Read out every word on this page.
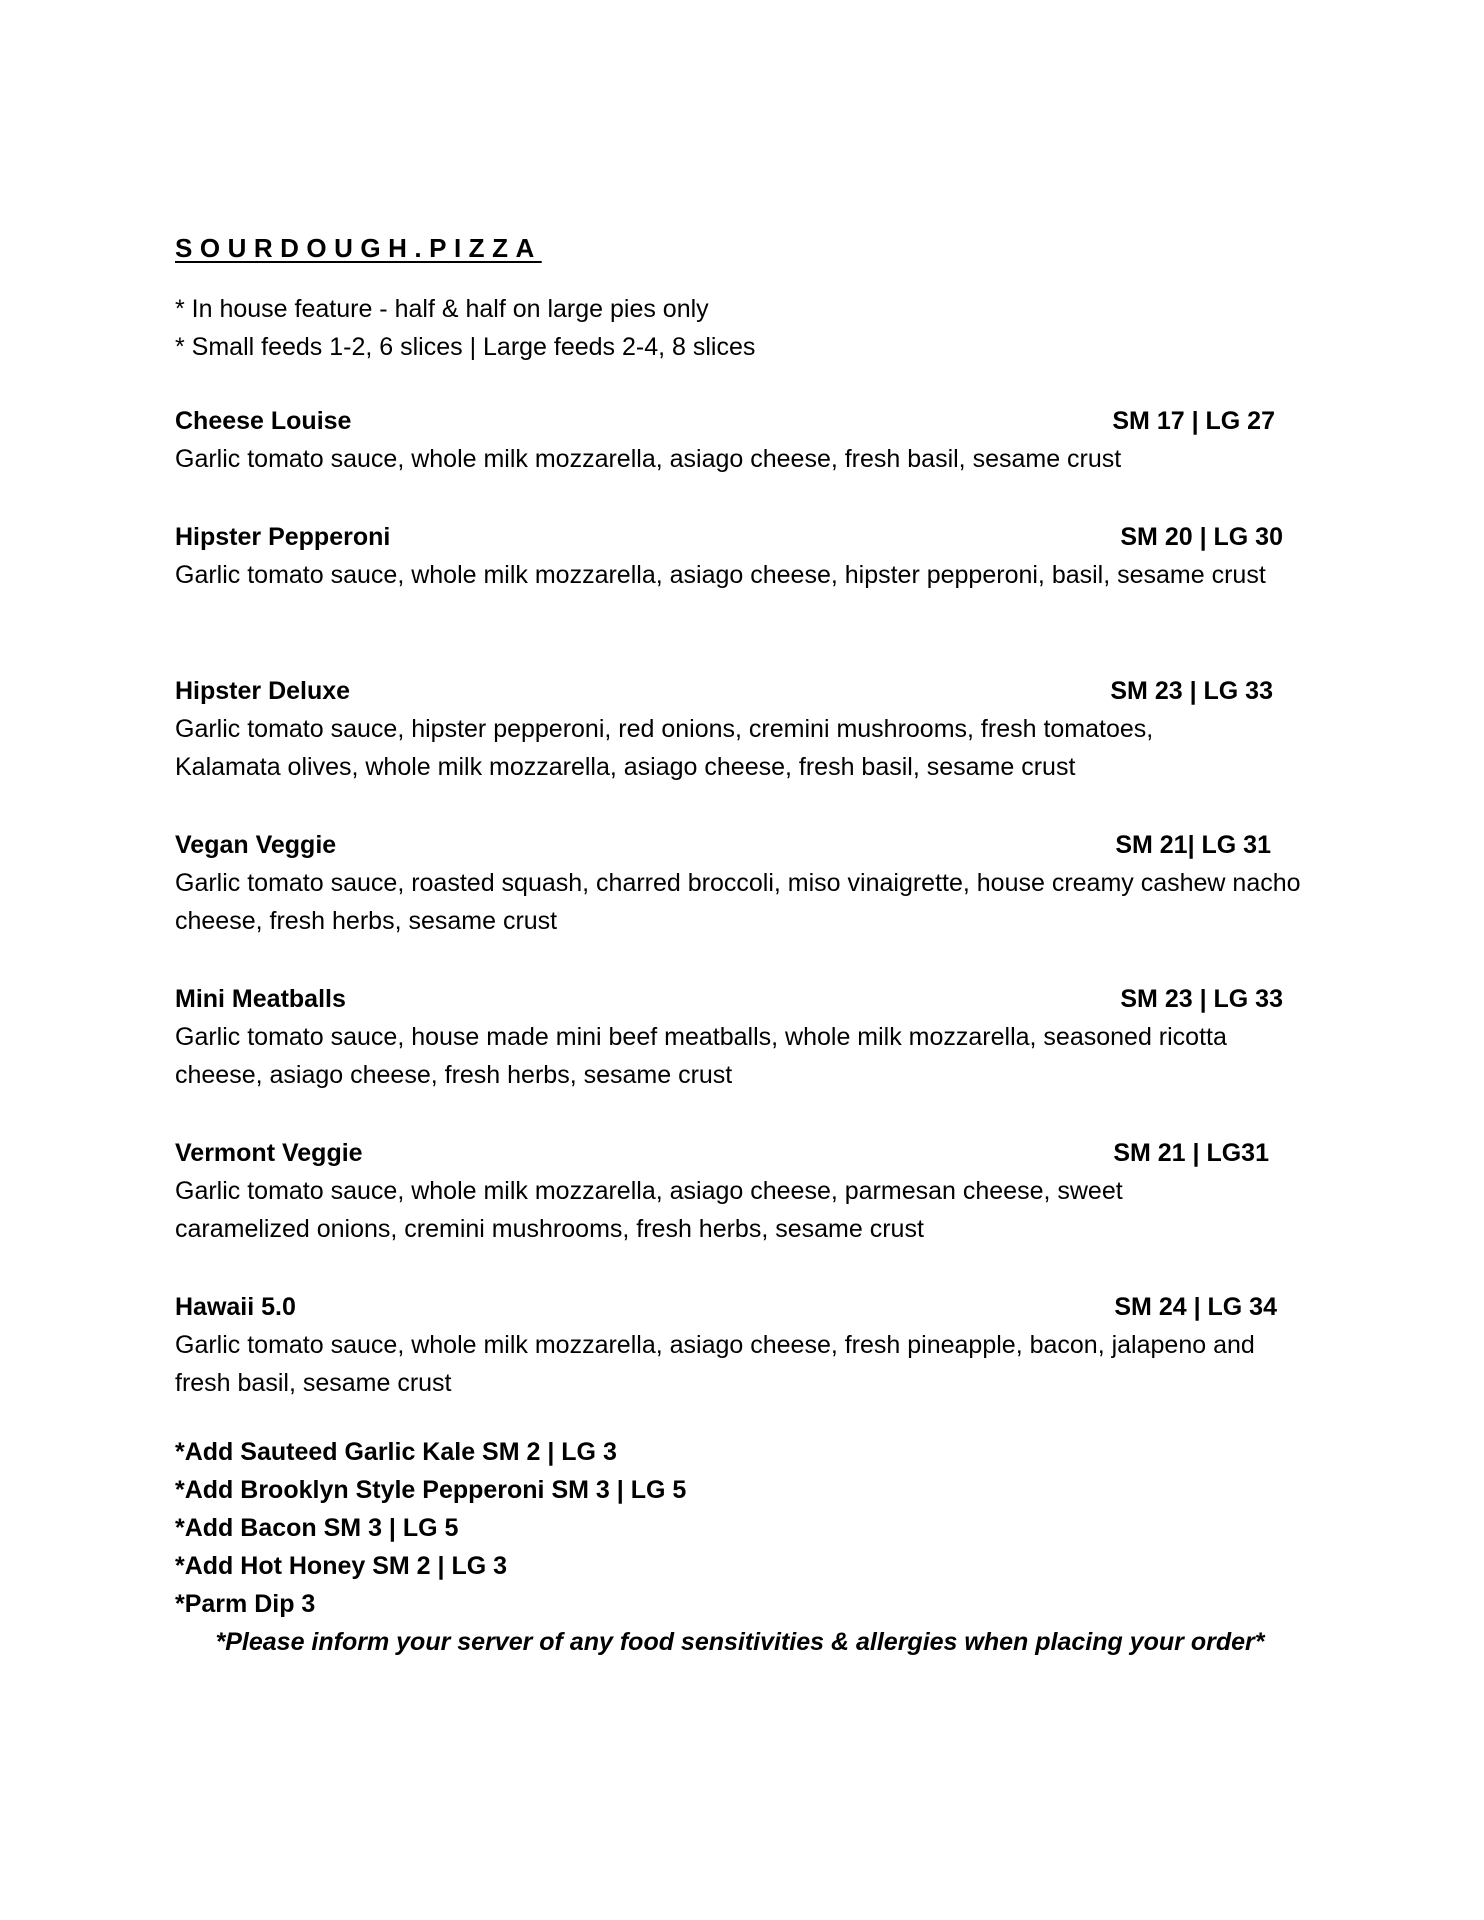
SOURDOUGH.PIZZA
* In house feature - half & half on large pies only
* Small feeds 1-2, 6 slices | Large feeds 2-4, 8 slices
Cheese Louise	SM 17 | LG 27
Garlic tomato sauce, whole milk mozzarella, asiago cheese, fresh basil, sesame crust
Hipster Pepperoni	SM 20 | LG 30
Garlic tomato sauce, whole milk mozzarella, asiago cheese, hipster pepperoni, basil, sesame crust
Hipster Deluxe	SM 23 | LG 33
Garlic tomato sauce, hipster pepperoni, red onions, cremini mushrooms, fresh tomatoes, Kalamata olives, whole milk mozzarella, asiago cheese, fresh basil, sesame crust
Vegan Veggie	SM 21| LG 31
Garlic tomato sauce, roasted squash, charred broccoli, miso vinaigrette, house creamy cashew nacho cheese, fresh herbs, sesame crust
Mini Meatballs	SM 23 | LG 33
Garlic tomato sauce, house made mini beef meatballs, whole milk mozzarella, seasoned ricotta cheese, asiago cheese, fresh herbs, sesame crust
Vermont Veggie	SM 21 | LG31
Garlic tomato sauce, whole milk mozzarella, asiago cheese, parmesan cheese, sweet caramelized onions, cremini mushrooms, fresh herbs, sesame crust
Hawaii 5.0	SM 24 | LG 34
Garlic tomato sauce, whole milk mozzarella, asiago cheese, fresh pineapple, bacon, jalapeno and fresh basil, sesame crust
*Add Sauteed Garlic Kale SM 2 | LG 3
*Add Brooklyn Style Pepperoni SM 3 | LG 5
*Add Bacon SM 3 | LG 5
*Add Hot Honey SM 2 | LG 3
*Parm Dip 3
*Please inform your server of any food sensitivities & allergies when placing your order*
